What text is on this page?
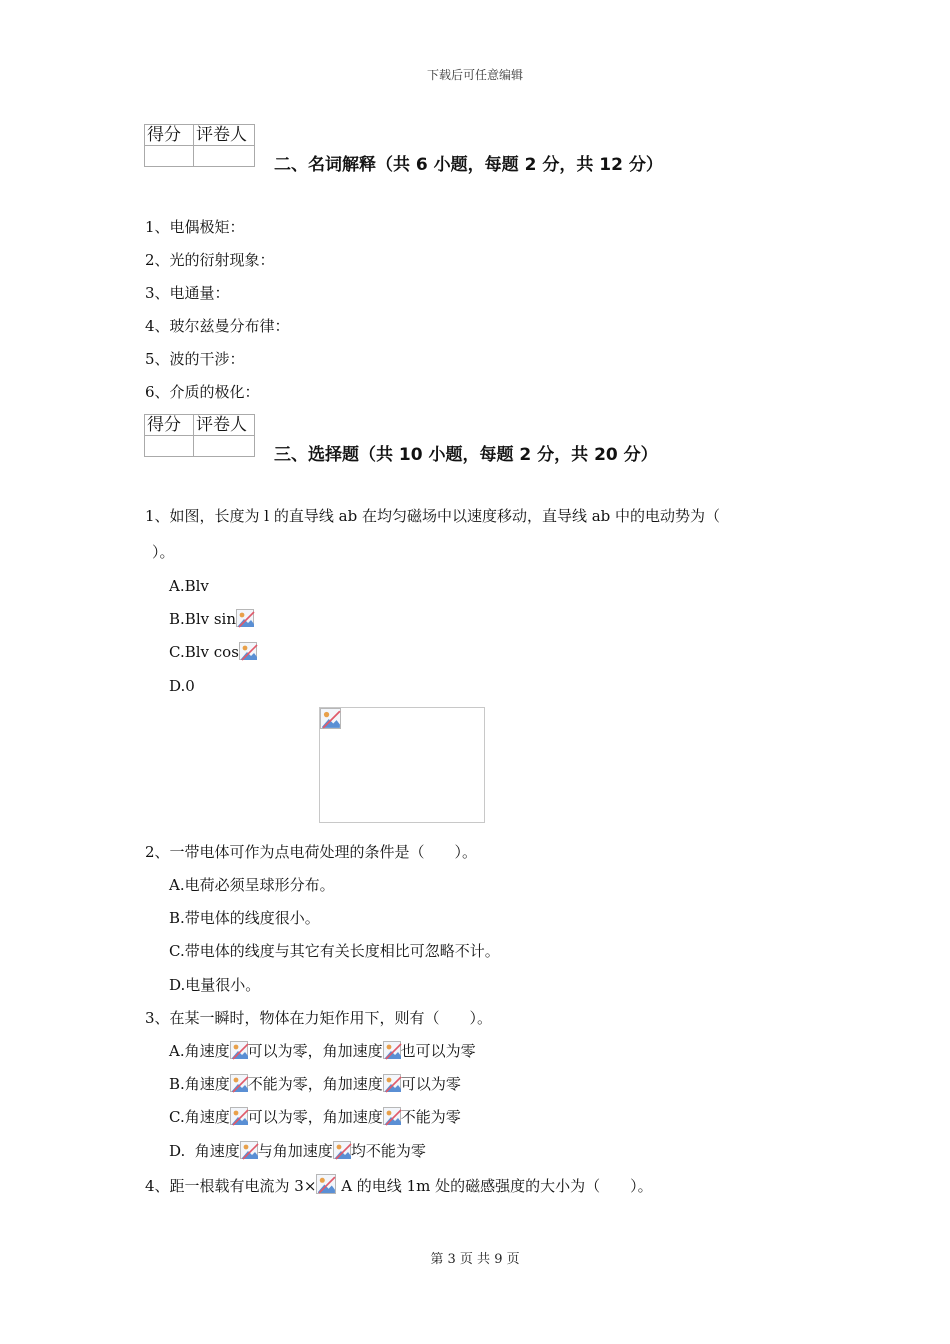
下载后可任意编辑
得分	评卷人

二、名词解释（共 6 小题，每题 2 分，共 12 分）
1、电偶极矩：
2、光的衍射现象：
3、电通量：
4、玻尔兹曼分布律：
5、波的干涉：
6、介质的极化：
得分	评卷人

三、选择题（共 10 小题，每题 2 分，共 20 分）
1、如图，长度为 l 的直导线 ab 在均匀磁场中以速度移动，直导线 ab 中的电动势为（
）。
A.Blv
B.Blv sin
C.Blv cos
D.0
2、一带电体可作为点电荷处理的条件是（　　）。
A.电荷必须呈球形分布。
B.带电体的线度很小。
C.带电体的线度与其它有关长度相比可忽略不计。
D.电量很小。
3、在某一瞬时，物体在力矩作用下，则有（　　）。
A.角速度 可以为零，角加速度 也可以为零
B.角速度 不能为零，角加速度 可以为零
C.角速度 可以为零，角加速度 不能为零
D.  角速度 与角加速度 均不能为零
4、距一根载有电流为 3×
A 的电线 1m 处的磁感强度的大小为（　　）。
第 3 页 共 9 页
